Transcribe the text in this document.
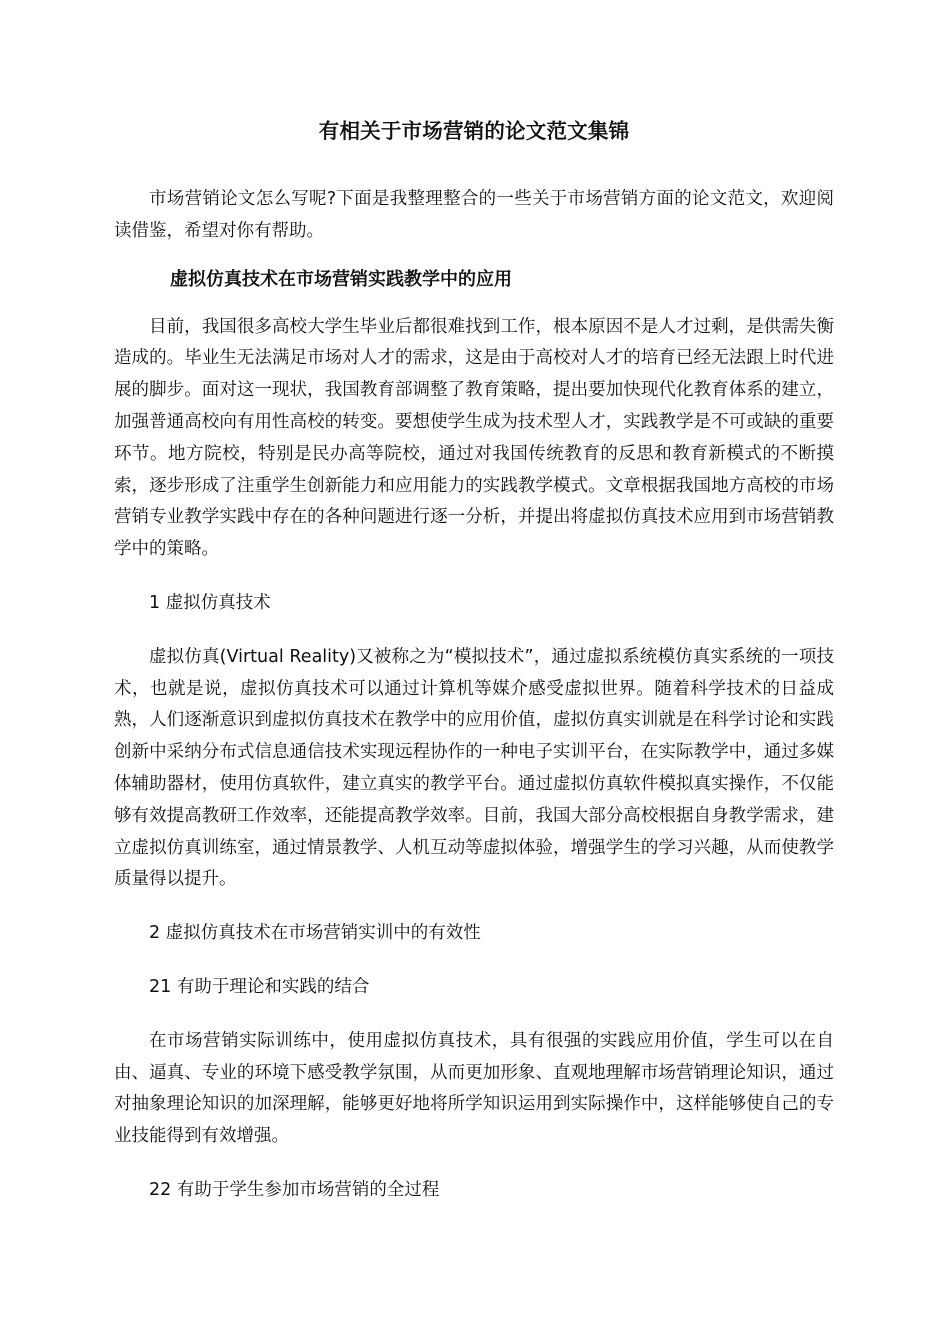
有相关于市场营销的论文范文集锦

市场营销论文怎么写呢?下面是我整理整合的一些关于市场营销方面的论文范文，欢迎阅读借鉴，希望对你有帮助。

虚拟仿真技术在市场营销实践教学中的应用

目前，我国很多高校大学生毕业后都很难找到工作，根本原因不是人才过剩，是供需失衡造成的。毕业生无法满足市场对人才的需求，这是由于高校对人才的培育已经无法跟上时代进展的脚步。面对这一现状，我国教育部调整了教育策略，提出要加快现代化教育体系的建立，加强普通高校向有用性高校的转变。要想使学生成为技术型人才，实践教学是不可或缺的重要环节。地方院校，特别是民办高等院校，通过对我国传统教育的反思和教育新模式的不断摸索，逐步形成了注重学生创新能力和应用能力的实践教学模式。文章根据我国地方高校的市场营销专业教学实践中存在的各种问题进行逐一分析，并提出将虚拟仿真技术应用到市场营销教学中的策略。

1 虚拟仿真技术

虚拟仿真(Virtual Reality)又被称之为“模拟技术”，通过虚拟系统模仿真实系统的一项技术，也就是说，虚拟仿真技术可以通过计算机等媒介感受虚拟世界。随着科学技术的日益成熟，人们逐渐意识到虚拟仿真技术在教学中的应用价值，虚拟仿真实训就是在科学讨论和实践创新中采纳分布式信息通信技术实现远程协作的一种电子实训平台，在实际教学中，通过多媒体辅助器材，使用仿真软件，建立真实的教学平台。通过虚拟仿真软件模拟真实操作，不仅能够有效提高教研工作效率，还能提高教学效率。目前，我国大部分高校根据自身教学需求，建立虚拟仿真训练室，通过情景教学、人机互动等虚拟体验，增强学生的学习兴趣，从而使教学质量得以提升。

2 虚拟仿真技术在市场营销实训中的有效性

21 有助于理论和实践的结合

在市场营销实际训练中，使用虚拟仿真技术，具有很强的实践应用价值，学生可以在自由、逼真、专业的环境下感受教学氛围，从而更加形象、直观地理解市场营销理论知识，通过对抽象理论知识的加深理解，能够更好地将所学知识运用到实际操作中，这样能够使自己的专业技能得到有效增强。

22 有助于学生参加市场营销的全过程
